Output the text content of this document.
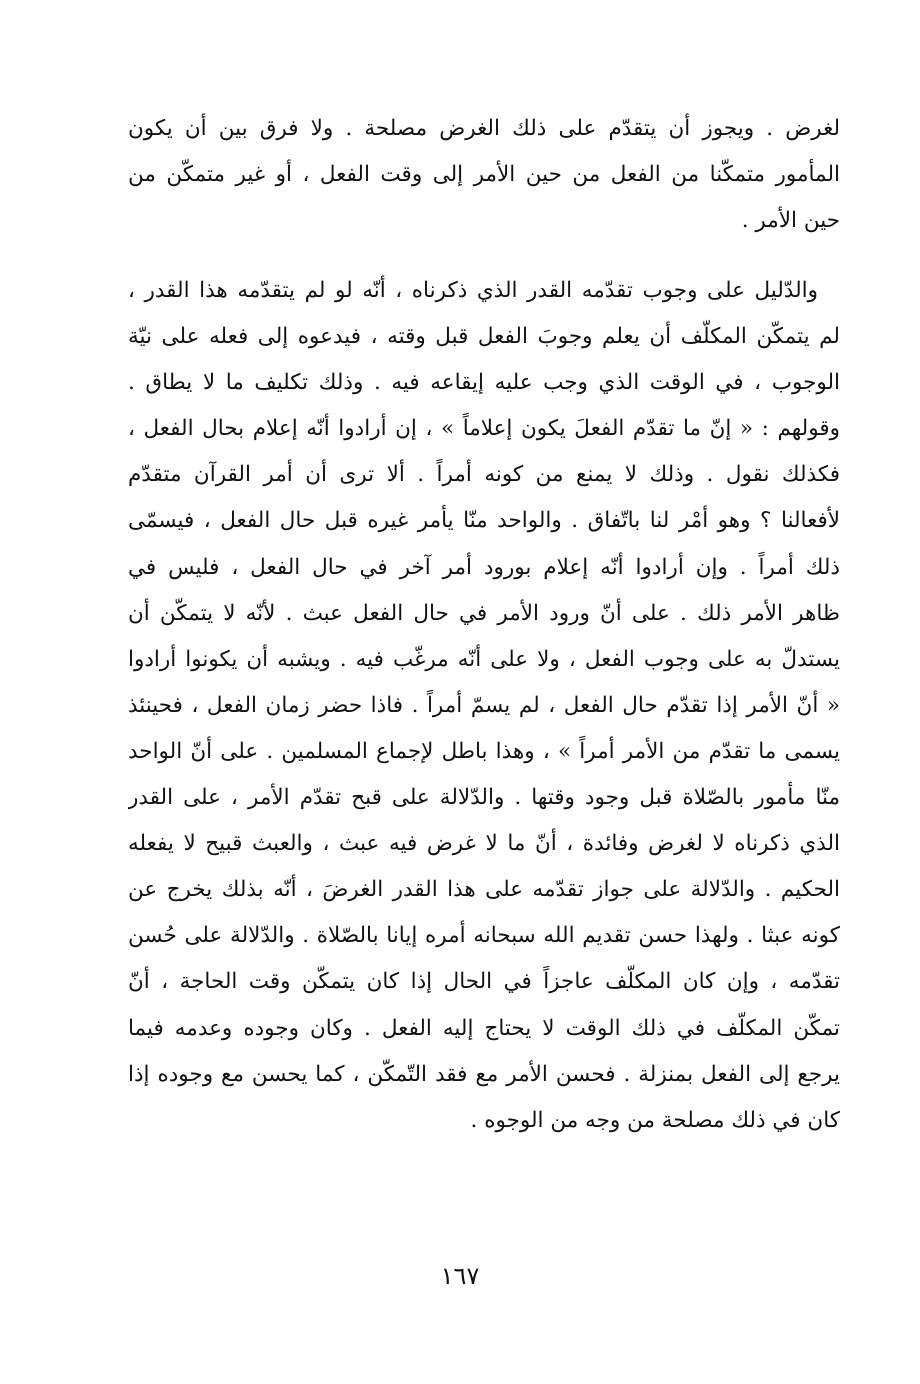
لغرض . ويجوز أن يتقدّم على ذلك الغرض مصلحة . ولا فرق بين أن يكون
المأمور متمكّنا من الفعل من حين الأمر إلى وقت الفعل ، أو غير متمكّن من
حين الأمر .
والدّليل على وجوب تقدّمه القدر الذي ذكرناه ، أنّه لو لم يتقدّمه هذا القدر ،
لم يتمكّن المكلّف أن يعلم وجوبَ الفعل قبل وقته ، فيدعوه إلى فعله على نيّة
الوجوب ، في الوقت الذي وجب عليه إيقاعه فيه . وذلك تكليف ما لا يطاق .
وقولهم : « إنّ ما تقدّم الفعلَ يكون إعلاماً » ، إن أرادوا أنّه إعلام بحال الفعل ،
فكذلك نقول . وذلك لا يمنع من كونه أمراً . ألا ترى أن أمر القرآن متقدّم
لأفعالنا ؟ وهو أمْر لنا باتّفاق . والواحد منّا يأمر غيره قبل حال الفعل ، فيسمّى
ذلك أمراً . وإن أرادوا أنّه إعلام بورود أمر آخر في حال الفعل ، فليس في
ظاهر الأمر ذلك . على أنّ ورود الأمر في حال الفعل عبث . لأنّه لا يتمكّن أن
يستدلّ به على وجوب الفعل ، ولا على أنّه مرغّب فيه . ويشبه أن يكونوا أرادوا
« أنّ الأمر إذا تقدّم حال الفعل ، لم يسمّ أمراً . فاذا حضر زمان الفعل ، فحينئذ
يسمى ما تقدّم من الأمر أمراً » ، وهذا باطل لإجماع المسلمين . على أنّ الواحد
منّا مأمور بالصّلاة قبل وجود وقتها . والدّلالة على قبح تقدّم الأمر ، على القدر
الذي ذكرناه لا لغرض وفائدة ، أنّ ما لا غرض فيه عبث ، والعبث قبيح لا يفعله
الحكيم . والدّلالة على جواز تقدّمه على هذا القدر الغرضَ ، أنّه بذلك يخرج عن
كونه عبثا . ولهذا حسن تقديم الله سبحانه أمره إيانا بالصّلاة . والدّلالة على حُسن
تقدّمه ، وإن كان المكلّف عاجزاً في الحال إذا كان يتمكّن وقت الحاجة ، أنّ
تمكّن المكلّف في ذلك الوقت لا يحتاج إليه الفعل . وكان وجوده وعدمه فيما
يرجع إلى الفعل بمنزلة . فحسن الأمر مع فقد التّمكّن ، كما يحسن مع وجوده إذا
كان في ذلك مصلحة من وجه من الوجوه .
١٦٧
